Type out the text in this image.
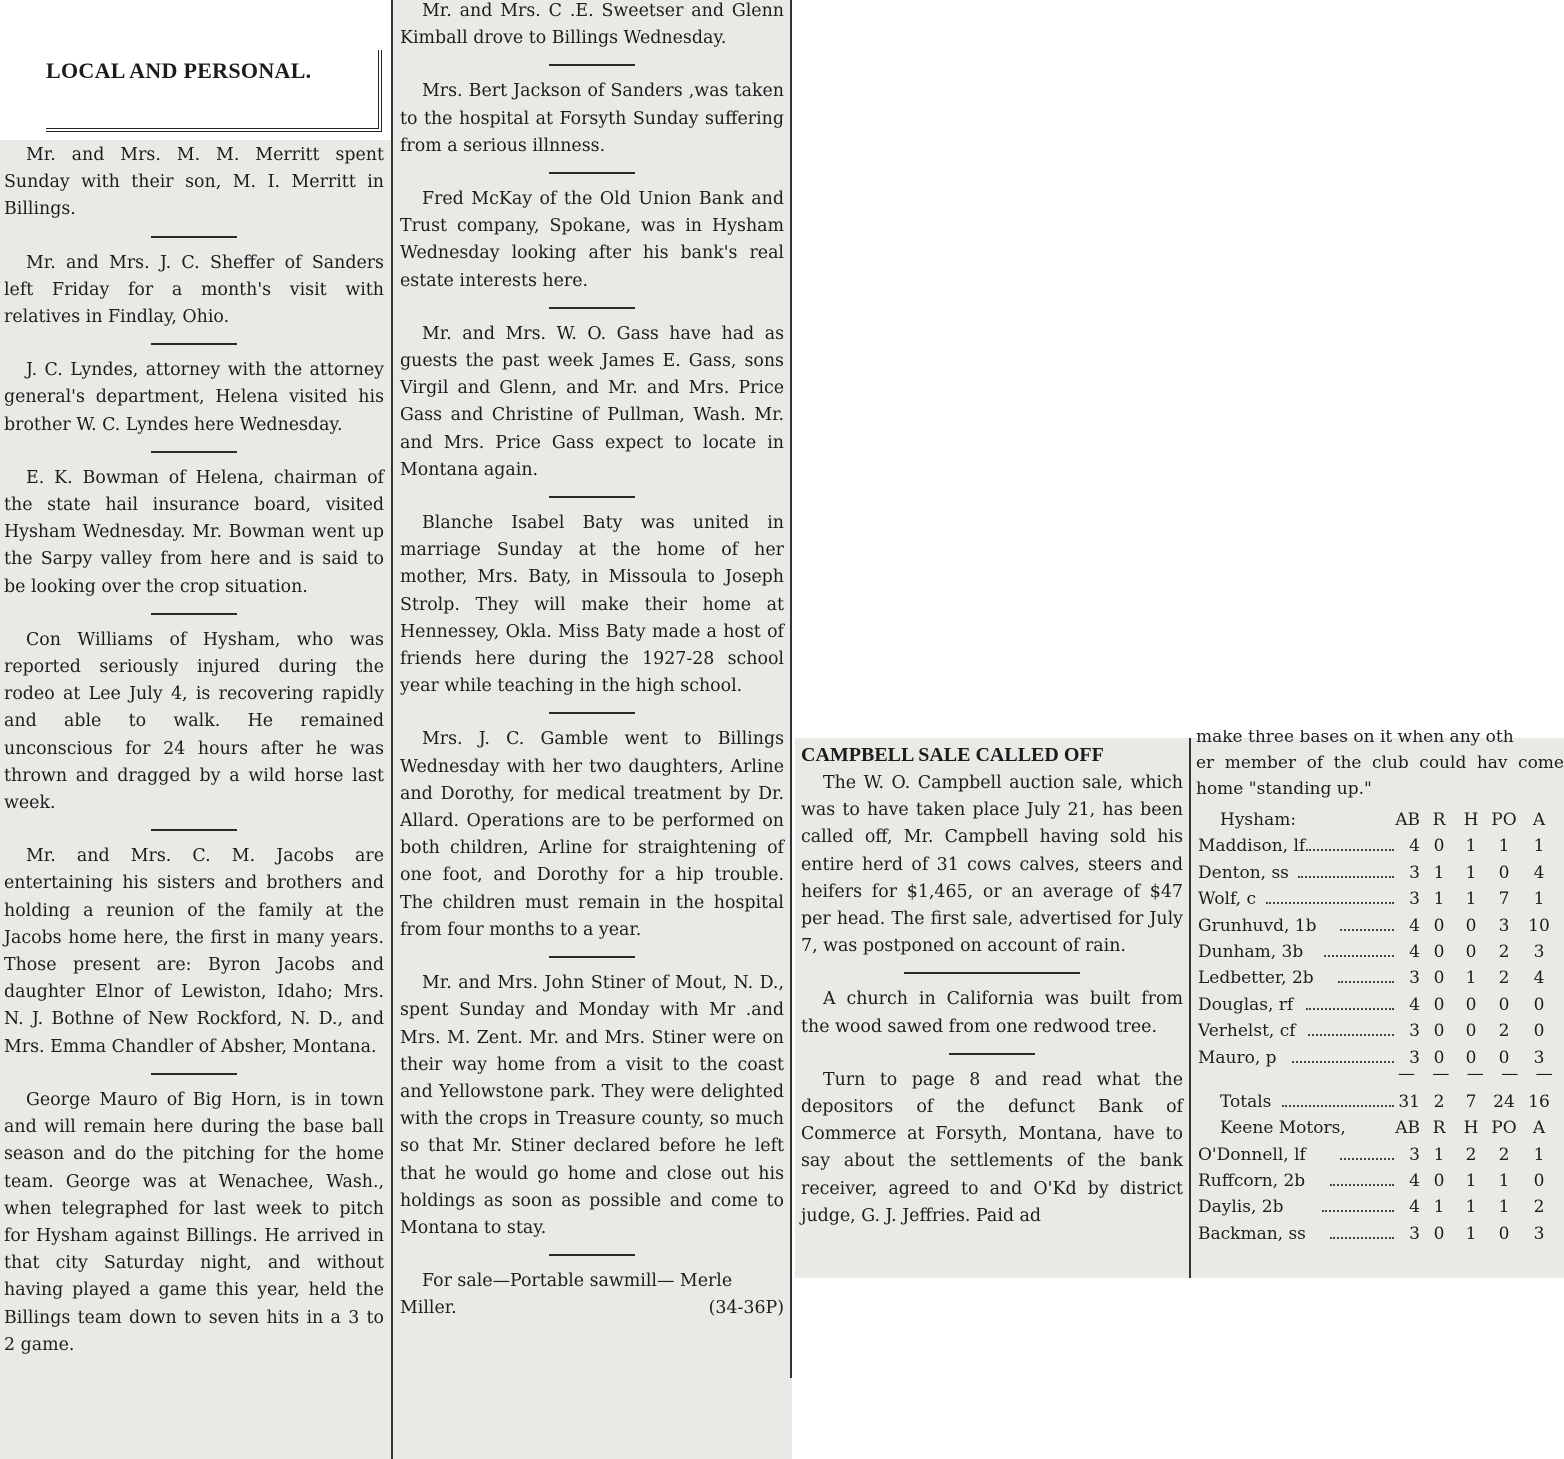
LOCAL AND PERSONAL.

Mr. and Mrs. M. M. Merritt spent Sunday with their son, M. I. Merritt in Billings.

Mr. and Mrs. J. C. Sheffer of Sanders left Friday for a month's visit with relatives in Findlay, Ohio.

J. C. Lyndes, attorney with the attorney general's department, Helena visited his brother W. C. Lyndes here Wednesday.

E. K. Bowman of Helena, chairman of the state hail insurance board, visited Hysham Wednesday. Mr. Bowman went up the Sarpy valley from here and is said to be looking over the crop situation.

Con Williams of Hysham, who was reported seriously injured during the rodeo at Lee July 4, is recovering rapidly and able to walk. He remained unconscious for 24 hours after he was thrown and dragged by a wild horse last week.

Mr. and Mrs. C. M. Jacobs are entertaining his sisters and brothers and holding a reunion of the family at the Jacobs home here, the first in many years. Those present are: Byron Jacobs and daughter Elnor of Lewiston, Idaho; Mrs. N. J. Bothne of New Rockford, N. D., and Mrs. Emma Chandler of Absher, Montana.

George Mauro of Big Horn, is in town and will remain here during the base ball season and do the pitching for the home team. George was at Wenachee, Wash., when telegraphed for last week to pitch for Hysham against Billings. He arrived in that city Saturday night, and without having played a game this year, held the Billings team down to seven hits in a 3 to 2 game.

Mr. and Mrs. C .E. Sweetser and Glenn Kimball drove to Billings Wednesday.

Mrs. Bert Jackson of Sanders ,was taken to the hospital at Forsyth Sunday suffering from a serious illnness.

Fred McKay of the Old Union Bank and Trust company, Spokane, was in Hysham Wednesday looking after his bank's real estate interests here.

Mr. and Mrs. W. O. Gass have had as guests the past week James E. Gass, sons Virgil and Glenn, and Mr. and Mrs. Price Gass and Christine of Pullman, Wash. Mr. and Mrs. Price Gass expect to locate in Montana again.

Blanche Isabel Baty was united in marriage Sunday at the home of her mother, Mrs. Baty, in Missoula to Joseph Strolp. They will make their home at Hennessey, Okla. Miss Baty made a host of friends here during the 1927-28 school year while teaching in the high school.

Mrs. J. C. Gamble went to Billings Wednesday with her two daughters, Arline and Dorothy, for medical treatment by Dr. Allard. Operations are to be performed on both children, Arline for straightening of one foot, and Dorothy for a hip trouble. The children must remain in the hospital from four months to a year.

Mr. and Mrs. John Stiner of Mout, N. D., spent Sunday and Monday with Mr .and Mrs. M. Zent. Mr. and Mrs. Stiner were on their way home from a visit to the coast and Yellowstone park. They were delighted with the crops in Treasure county, so much so that Mr. Stiner declared before he left that he would go home and close out his holdings as soon as possible and come to Montana to stay.

For sale—Portable sawmill— Merle Miller.	(34-36P)

CAMPBELL SALE CALLED OFF

The W. O. Campbell auction sale, which was to have taken place July 21, has been called off, Mr. Campbell having sold his entire herd of 31 cows calves, steers and heifers for $1,465, or an average of $47 per head. The first sale, advertised for July 7, was postponed on account of rain.

A church in California was built from the wood sawed from one redwood tree.

Turn to page 8 and read what the depositors of the defunct Bank of Commerce at Forsyth, Montana, have to say about the settlements of the bank receiver, agreed to and O'Kd by district judge, G. J. Jeffries. Paid ad

make three bases on it when any oth
er member of the club could hav come home "standing up."
Hysham:	AB R H PO A
Maddison, lf	4 0 1	1	1
Denton, ss	3 1 1	0	4
Wolf, c	3 1 1	7	1
Grunhuvd, 1b	4 0 0	3	10
Dunham, 3b	4 0 0	2	3
Ledbetter, 2b	3 0 1	2	4
Douglas, rf	4 0 0	0	0
Verhelst, cf	3 0 0	2	0
Mauro, p	3 0 0	0	3
— — — — —
Totals	31 2 7 24 16
Keene Motors,	AB R H PO A
O'Donnell, lf	3 1 2	2	1
Ruffcorn, 2b	4 0 1	1	0
Daylis, 2b	4 1 1	1	2
Backman, ss	3 0 1	0	3
